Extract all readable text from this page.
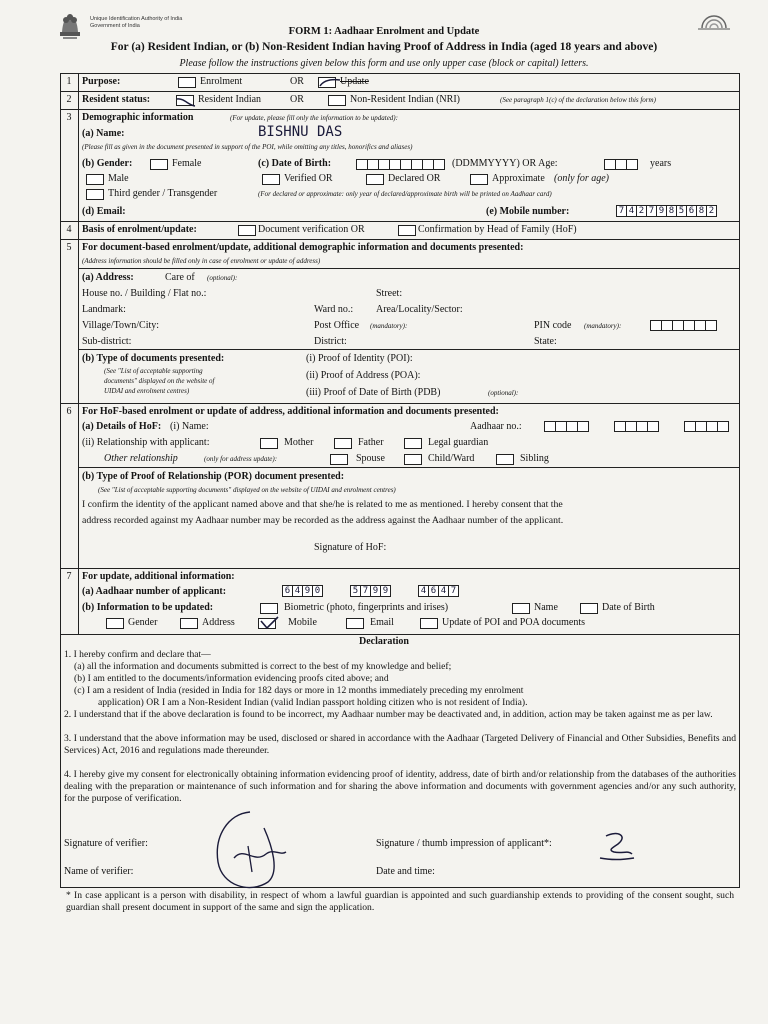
Unique Identification Authority of India
Government of India	FORM 1: Aadhaar Enrolment and Update
For (a) Resident Indian, or (b) Non-Resident Indian having Proof of Address in India (aged 18 years and above)
Please follow the instructions given below this form and use only upper case (block or capital) letters.
1	Purpose:	Enrolment	OR	Update
2	Resident status:	Resident Indian	OR	Non-Resident Indian (NRI)	(See paragraph 1(c) of the declaration below this form)
3	Demographic information	(For update, please fill only the information to be updated):
(a) Name:	BISHNU DAS
(Please fill as given in the document presented in support of the POI, while omitting any titles, honorifics and aliases)
(b) Gender:	Female	(c) Date of Birth:	(DDMMYYYY) OR Age:	years
Male	Verified OR	Declared OR	Approximate (only for age)
Third gender / Transgender	(For declared or approximate: only year of declared/approximate birth will be printed on Aadhaar card)
(d) Email:	(e) Mobile number:	7 4 2 7 9 8 5 6 8 2
4	Basis of enrolment/update:	Document verification OR	Confirmation by Head of Family (HoF)
5	For document-based enrolment/update, additional demographic information and documents presented:
(Address information should be filled only in case of enrolment or update of address)
(a) Address:	Care of (optional):
House no. / Building / Flat no.:	Street:
Landmark:	Ward no.: Area/Locality/Sector:
Village/Town/City:	Post Office (mandatory):	PIN code (mandatory):
Sub-district:	District:	State:
(b) Type of documents presented:
(See "List of acceptable supporting
documents" displayed on the website of
UIDAI and enrolment centres)
(i) Proof of Identity (POI):
(ii) Proof of Address (POA):
(iii) Proof of Date of Birth (PDB)	(optional):
6	For HoF-based enrolment or update of address, additional information and documents presented:
(a) Details of HoF: (i) Name:	Aadhaar no.:
(ii) Relationship with applicant:	Mother	Father	Legal guardian
Other relationship	(only for address update):	Spouse	Child/Ward	Sibling
(b) Type of Proof of Relationship (POR) document presented:
(See "List of acceptable supporting documents" displayed on the website of UIDAI and enrolment centres)
I confirm the identity of the applicant named above and that she/he is related to me as mentioned. I hereby consent that the
address recorded against my Aadhaar number may be recorded as the address against the Aadhaar number of the applicant.
Signature of HoF:
7	For update, additional information:
(a) Aadhaar number of applicant:	6 4 9 0	5 7 9 9	4 6 4 7
(b) Information to be updated:	Biometric (photo, fingerprints and irises)	Name	Date of Birth
Gender	Address	Mobile	Email	Update of POI and POA documents
Declaration
1. I hereby confirm and declare that—
(a) all the information and documents submitted is correct to the best of my knowledge and belief;
(b) I am entitled to the documents/information evidencing proofs cited above; and
(c) I am a resident of India (resided in India for 182 days or more in 12 months immediately preceding my enrolment
application) OR I am a Non-Resident Indian (valid Indian passport holding citizen who is not resident of India).
2. I understand that if the above declaration is found to be incorrect, my Aadhaar number may be deactivated and, in addition, action may be taken against me as per law.
3. I understand that the above information may be used, disclosed or shared in accordance with the Aadhaar (Targeted Delivery of Financial and Other Subsidies, Benefits and Services) Act, 2016 and regulations made thereunder.
4. I hereby give my consent for electronically obtaining information evidencing proof of identity, address, date of birth and/or relationship from the databases of the authorities dealing with the preparation or maintenance of such information and for sharing the above information and documents with government agencies and/or any such authority, for the purpose of verification.
Signature of verifier:	Signature / thumb impression of applicant*:
Name of verifier:	Date and time:
* In case applicant is a person with disability, in respect of whom a lawful guardian is appointed and such guardianship extends to providing of the consent sought, such guardian shall present document in support of the same and sign the application.
